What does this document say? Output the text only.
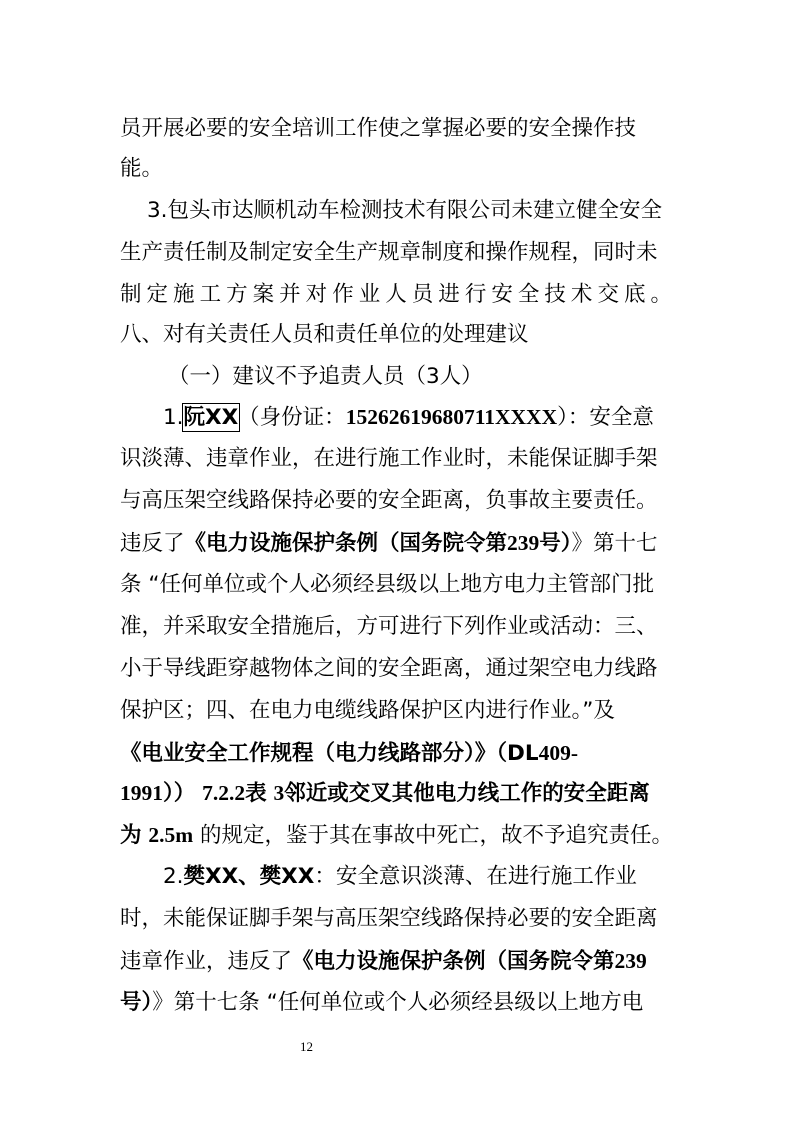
员开展必要的安全培训工作使之掌握必要的安全操作技
能。
3.包头市达顺机动车检测技术有限公司未建立健全安全
生产责任制及制定安全生产规章制度和操作规程，同时未
制定施工方案并对作业人员进行安全技术交底。
八、对有关责任人员和责任单位的处理建议
（一）建议不予追责人员（3人）
1.阮XX（身份证：15262619680711XXXX）：安全意
识淡薄、违章作业，在进行施工作业时，未能保证脚手架
与高压架空线路保持必要的安全距离，负事故主要责任。
违反了《电力设施保护条例（国务院令第239号）》第十七
条 “任何单位或个人必须经县级以上地方电力主管部门批
准，并采取安全措施后，方可进行下列作业或活动：三、
小于导线距穿越物体之间的安全距离，通过架空电力线路
保护区；四、在电力电缆线路保护区内进行作业。”及
《电业安全工作规程（电力线路部分）》（DL409-
1991）） 7.2.2表 3邻近或交叉其他电力线工作的安全距离
为 2.5m 的规定，鉴于其在事故中死亡，故不予追究责任。
2.樊XX、樊XX：安全意识淡薄、在进行施工作业
时，未能保证脚手架与高压架空线路保持必要的安全距离
违章作业，违反了《电力设施保护条例（国务院令第239
号）》第十七条 “任何单位或个人必须经县级以上地方电
12
